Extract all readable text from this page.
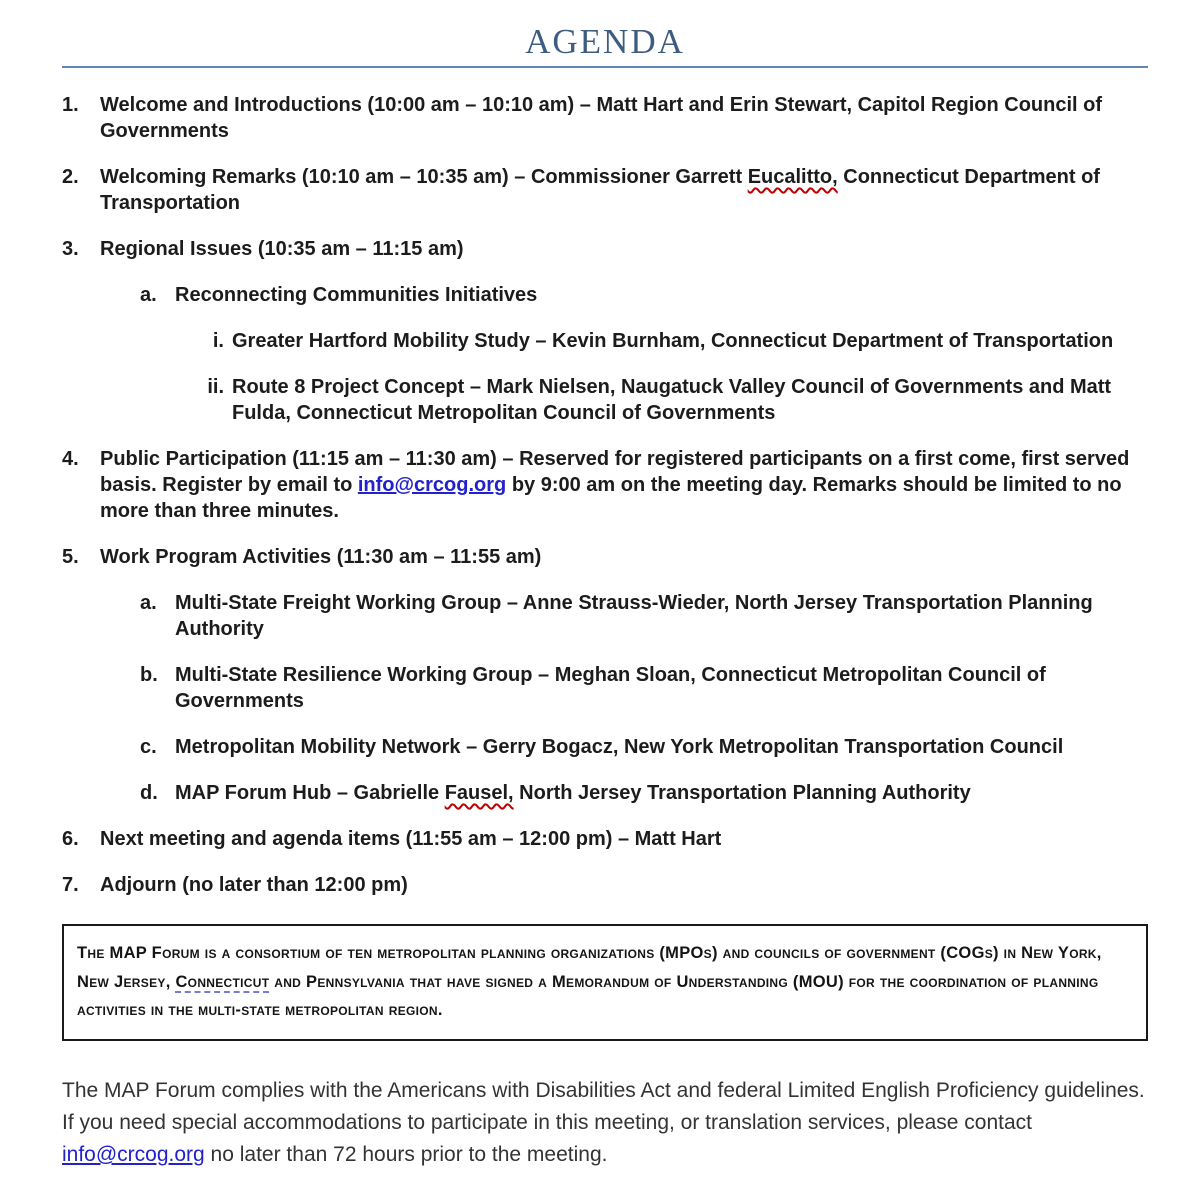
AGENDA
1.	Welcome and Introductions (10:00 am – 10:10 am) – Matt Hart and Erin Stewart, Capitol Region Council of Governments
2.	Welcoming Remarks (10:10 am – 10:35 am) – Commissioner Garrett Eucalitto, Connecticut Department of Transportation
3.	Regional Issues (10:35 am – 11:15 am)
a. Reconnecting Communities Initiatives
i. Greater Hartford Mobility Study – Kevin Burnham, Connecticut Department of Transportation
ii. Route 8 Project Concept – Mark Nielsen, Naugatuck Valley Council of Governments and Matt Fulda, Connecticut Metropolitan Council of Governments
4.	Public Participation (11:15 am – 11:30 am) – Reserved for registered participants on a first come, first served basis. Register by email to info@crcog.org by 9:00 am on the meeting day. Remarks should be limited to no more than three minutes.
5.	Work Program Activities (11:30 am – 11:55 am)
a. Multi-State Freight Working Group – Anne Strauss-Wieder, North Jersey Transportation Planning Authority
b. Multi-State Resilience Working Group – Meghan Sloan, Connecticut Metropolitan Council of Governments
c. Metropolitan Mobility Network – Gerry Bogacz, New York Metropolitan Transportation Council
d. MAP Forum Hub – Gabrielle Fausel, North Jersey Transportation Planning Authority
6.	Next meeting and agenda items (11:55 am – 12:00 pm) – Matt Hart
7.	Adjourn (no later than 12:00 pm)
The MAP Forum is a consortium of ten metropolitan planning organizations (MPOs) and councils of government (COGs) in New York, New Jersey, Connecticut and Pennsylvania that have signed a Memorandum of Understanding (MOU) for the coordination of planning activities in the multi-state metropolitan region.

The MAP Forum complies with the Americans with Disabilities Act and federal Limited English Proficiency guidelines. If you need special accommodations to participate in this meeting, or translation services, please contact info@crcog.org no later than 72 hours prior to the meeting.
